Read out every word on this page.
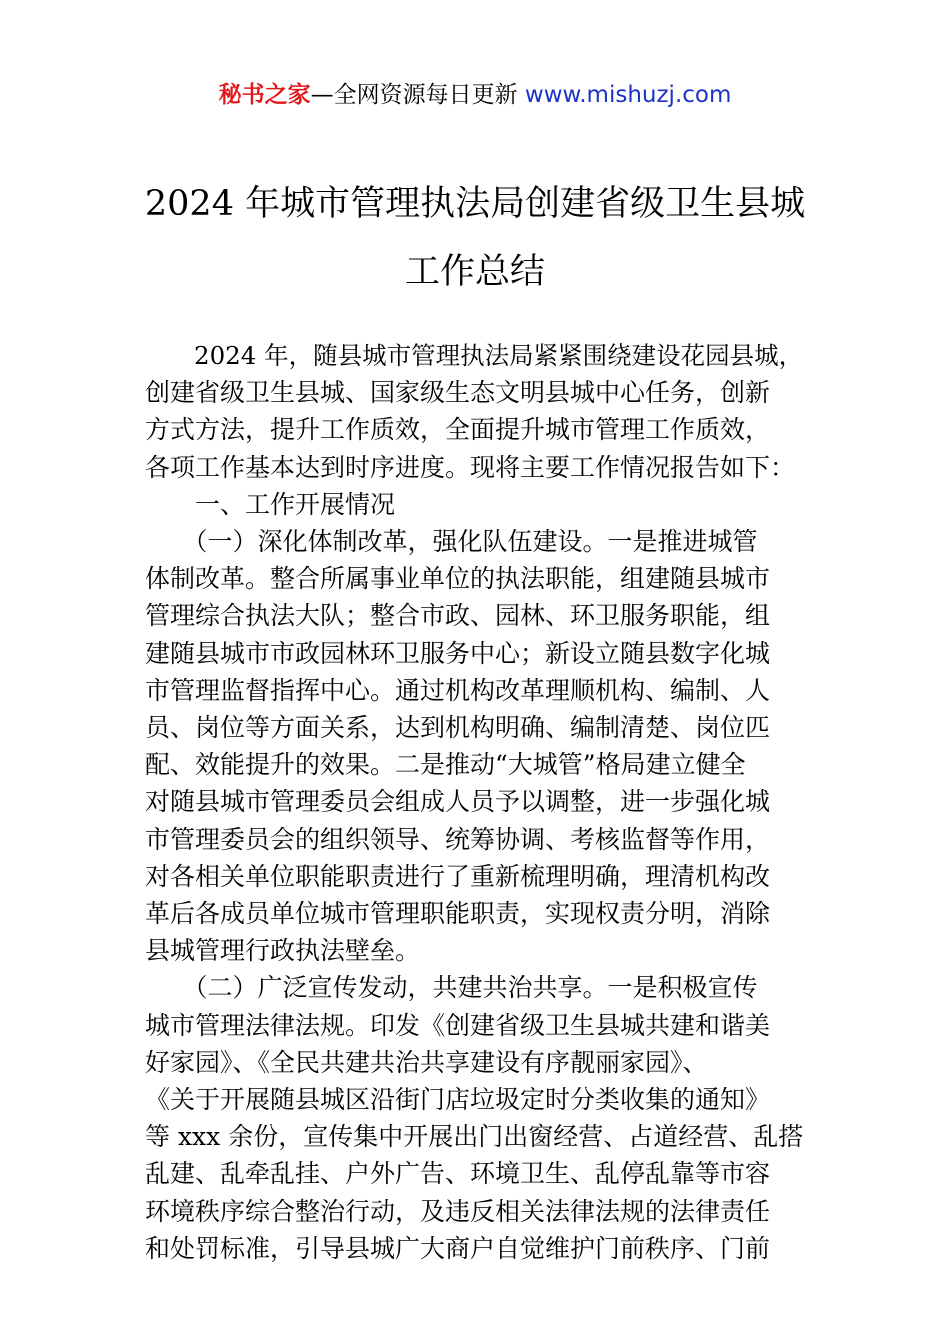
秘书之家—全网资源每日更新 www.mishuzj.com
2024 年城市管理执法局创建省级卫生县城
工作总结

2024 年，随县城市管理执法局紧紧围绕建设花园县城，
创建省级卫生县城、国家级生态文明县城中心任务，创新
方式方法，提升工作质效，全面提升城市管理工作质效，
各项工作基本达到时序进度。现将主要工作情况报告如下：

一、工作开展情况

（一）深化体制改革，强化队伍建设。一是推进城管
体制改革。整合所属事业单位的执法职能，组建随县城市
管理综合执法大队；整合市政、园林、环卫服务职能，组
建随县城市市政园林环卫服务中心；新设立随县数字化城
市管理监督指挥中心。通过机构改革理顺机构、编制、人
员、岗位等方面关系，达到机构明确、编制清楚、岗位匹
配、效能提升的效果。二是推动“大城管”格局建立健全
对随县城市管理委员会组成人员予以调整，进一步强化城
市管理委员会的组织领导、统筹协调、考核监督等作用，
对各相关单位职能职责进行了重新梳理明确，理清机构改
革后各成员单位城市管理职能职责，实现权责分明，消除
县城管理行政执法壁垒。

（二）广泛宣传发动，共建共治共享。一是积极宣传
城市管理法律法规。印发《创建省级卫生县城共建和谐美
好家园》、《全民共建共治共享建设有序靓丽家园》、
《关于开展随县城区沿街门店垃圾定时分类收集的通知》
等 xxx 余份，宣传集中开展出门出窗经营、占道经营、乱搭
乱建、乱牵乱挂、户外广告、环境卫生、乱停乱靠等市容
环境秩序综合整治行动，及违反相关法律法规的法律责任
和处罚标准，引导县城广大商户自觉维护门前秩序、门前
